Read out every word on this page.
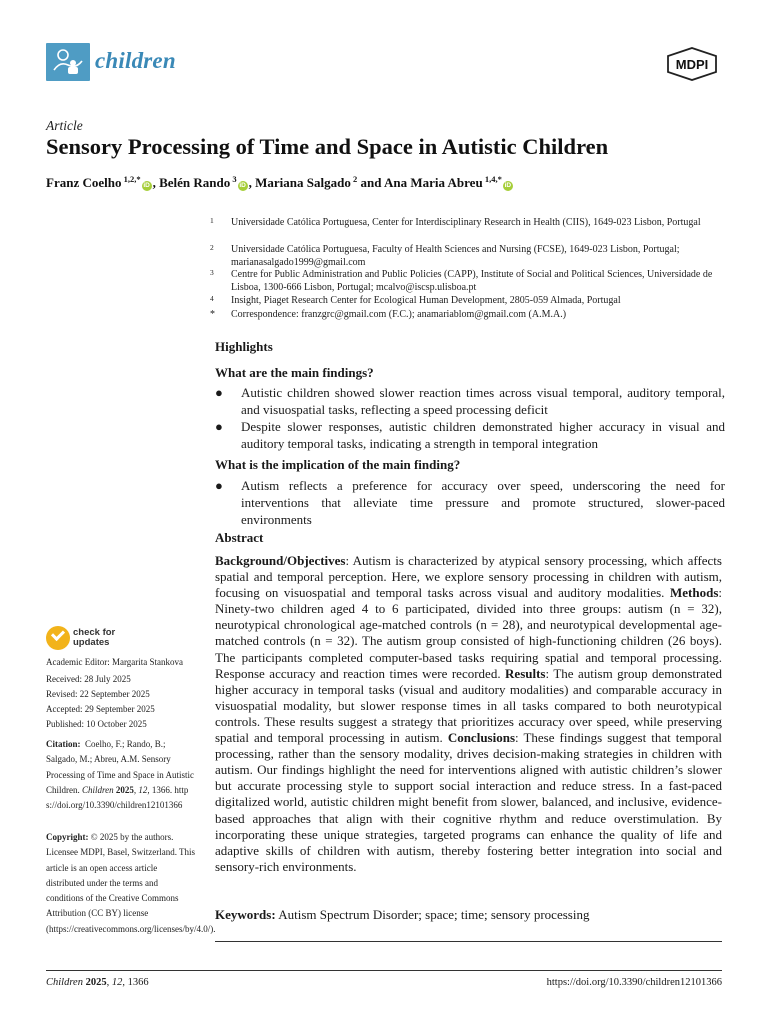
children	MDPI
Article
Sensory Processing of Time and Space in Autistic Children
Franz Coelho $^{1,2,*}$iD , Belén Rando $^3$iD , Mariana Salgado $^2$ and Ana Maria Abreu $^{1,4,*}$iD
1 Universidade Católica Portuguesa, Center for Interdisciplinary Research in Health (CIIS), 1649-023 Lisbon, Portugal
2 Universidade Católica Portuguesa, Faculty of Health Sciences and Nursing (FCSE), 1649-023 Lisbon, Portugal; marianasalgado1999@gmail.com
3 Centre for Public Administration and Public Policies (CAPP), Institute of Social and Political Sciences, Universidade de Lisboa, 1300-666 Lisbon, Portugal; mcalvo@iscsp.ulisboa.pt
4 Insight, Piaget Research Center for Ecological Human Development, 2805-059 Almada, Portugal
* Correspondence: franzgrc@gmail.com (F.C.); anamariablom@gmail.com (A.M.A.)
Highlights
What are the main findings?
● Autistic children showed slower reaction times across visual temporal, auditory temporal, and visuospatial tasks, reflecting a speed processing deficit
● Despite slower responses, autistic children demonstrated higher accuracy in visual and auditory temporal tasks, indicating a strength in temporal integration
What is the implication of the main finding?
● Autism reflects a preference for accuracy over speed, underscoring the need for interventions that alleviate time pressure and promote structured, slower-paced environments
Abstract
Background/Objectives: Autism is characterized by atypical sensory processing, which affects spatial and temporal perception. Here, we explore sensory processing in children with autism, focusing on visuospatial and temporal tasks across visual and auditory modalities. Methods: Ninety-two children aged 4 to 6 participated, divided into three groups: autism (n = 32), neurotypical chronological age-matched controls (n = 28), and neurotypical developmental age-matched controls (n = 32). The autism group consisted of high-functioning children (26 boys). The participants completed computer-based tasks requiring spatial and temporal processing. Response accuracy and reaction times were recorded. Results: The autism group demonstrated higher accuracy in temporal tasks (visual and auditory modalities) and comparable accuracy in visuospatial modality, but slower response times in all tasks compared to both neurotypical controls. These results suggest a strategy that prioritizes accuracy over speed, while preserving spatial and temporal processing in autism. Conclusions: These findings suggest that temporal processing, rather than the sensory modality, drives decision-making strategies in children with autism. Our findings highlight the need for interventions aligned with autistic children’s slower but accurate processing style to support social interaction and reduce stress. In a fast-paced digitalized world, autistic children might benefit from slower, balanced, and inclusive, evidence-based approaches that align with their cognitive rhythm and reduce overstimulation. By incorporating these unique strategies, targeted programs can enhance the quality of life and adaptive skills of children with autism, thereby fostering better integration into social and sensory-rich environments.
Keywords: Autism Spectrum Disorder; space; time; sensory processing
check for
updates
Academic Editor: Margarita Stankova
Received: 28 July 2025
Revised: 22 September 2025
Accepted: 29 September 2025
Published: 10 October 2025
Citation: Coelho, F.; Rando, B.; Salgado, M.; Abreu, A.M. Sensory Processing of Time and Space in Autistic Children. Children 2025, 12, 1366. https://doi.org/10.3390/children12101366
Copyright: © 2025 by the authors. Licensee MDPI, Basel, Switzerland. This article is an open access article distributed under the terms and conditions of the Creative Commons Attribution (CC BY) license (https://creativecommons.org/licenses/by/4.0/).
Children 2025, 12, 1366	https://doi.org/10.3390/children12101366
